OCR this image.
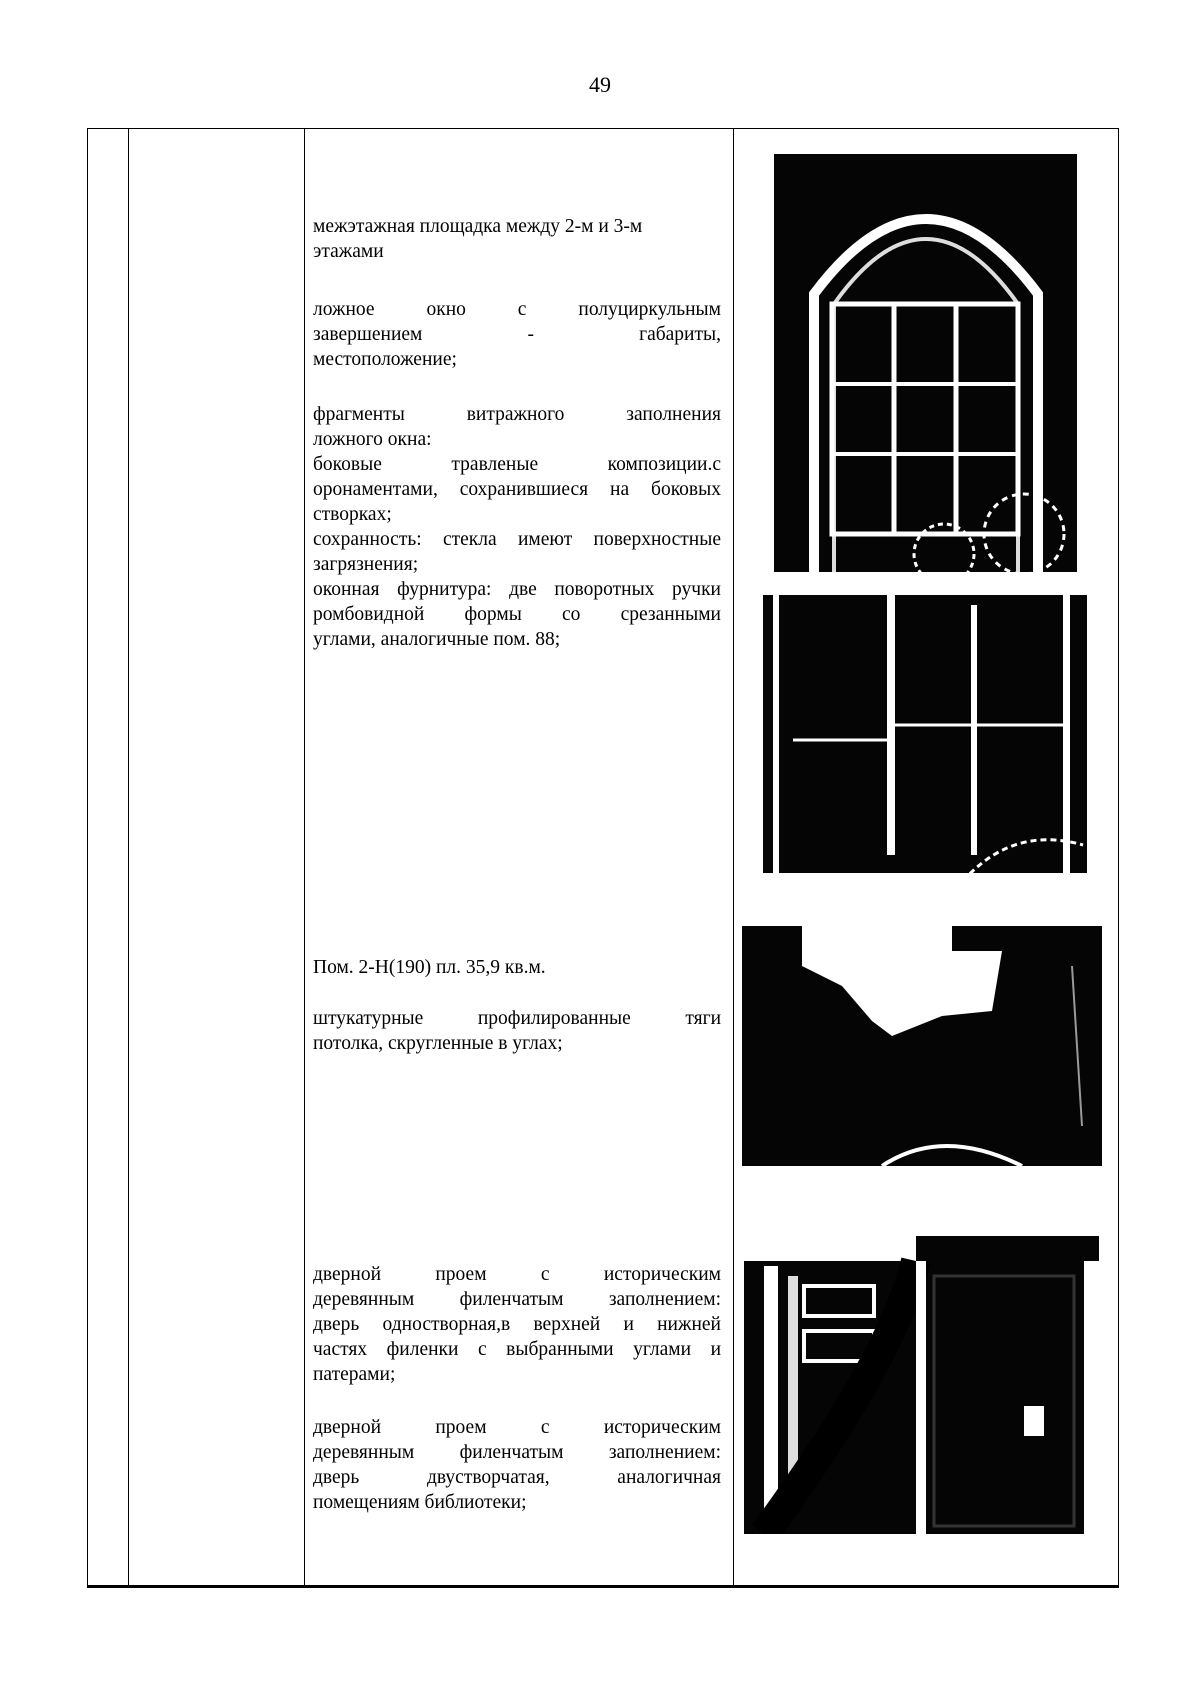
49

межэтажная площадка между 2-м и 3-м

этажами

ложное окно с полуциркульным

завершением - габариты,

местоположение;

фрагменты витражного заполнения

ложного окна:

боковые травленые композиции.с

оронаментами, сохранившиеся на боковых

створках;

сохранность: стекла имеют поверхностные

загрязнения;

оконная фурнитура: две поворотных ручки

ромбовидной формы со срезанными

углами, аналогичные пом. 88;

Пом. 2-Н(190) пл. 35,9 кв.м.

штукатурные профилированные тяги

потолка, скругленные в углах;

дверной проем с историческим

деревянным филенчатым заполнением:

дверь одностворная,в верхней и нижней

частях филенки с выбранными углами и

патерами;

дверной проем с историческим

деревянным филенчатым заполнением:

дверь двустворчатая, аналогичная

помещениям библиотеки;
